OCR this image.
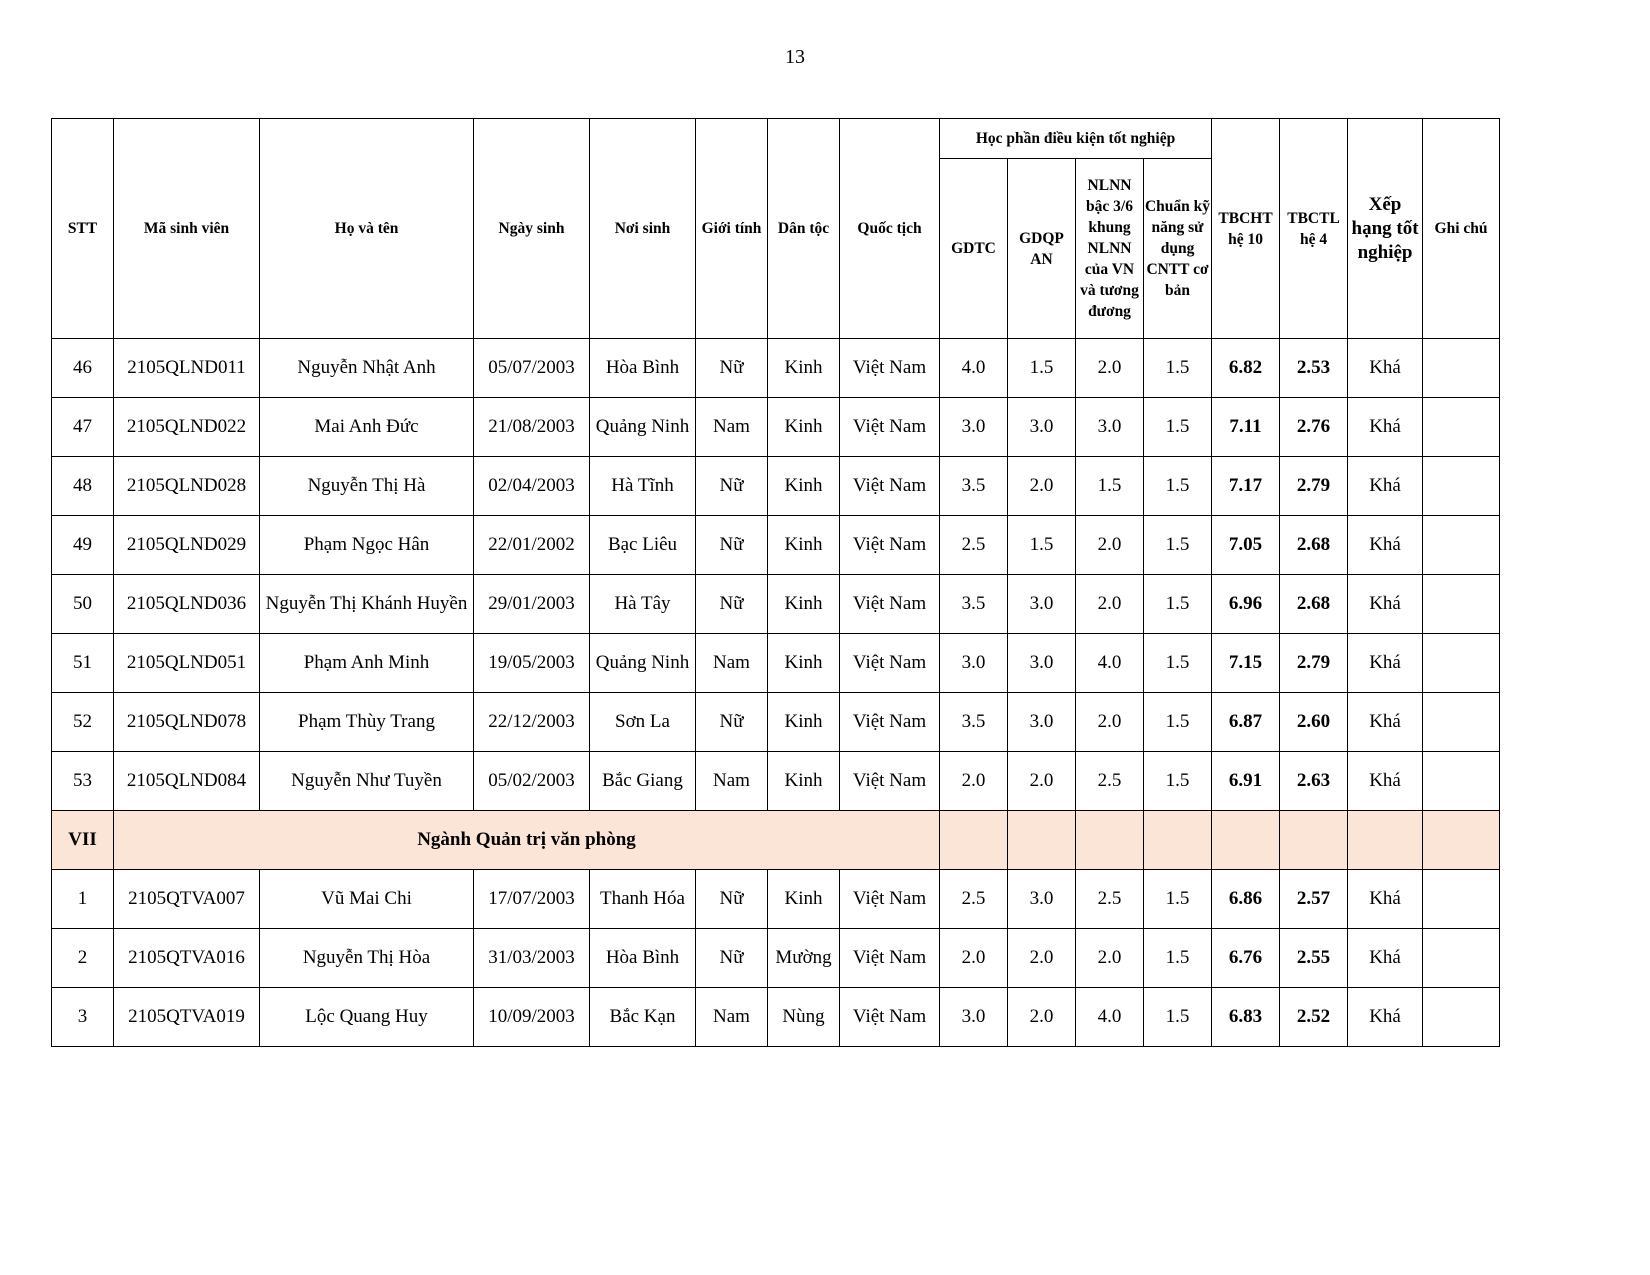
13
STT	Mã sinh viên	Họ và tên	Ngày sinh	Nơi sinh	Giới tính	Dân tộc	Quốc tịch	Học phần điều kiện tốt nghiệp				TBCHT hệ 10	TBCTL hệ 4	Xếp hạng tốt nghiệp	Ghi chú
								GDTC	GDQP AN	NLNN bậc 3/6 khung NLNN của VN và tương đương	Chuẩn kỹ năng sử dụng CNTT cơ bản				
46	2105QLND011	Nguyễn Nhật Anh	05/07/2003	Hòa Bình	Nữ	Kinh	Việt Nam	4.0	1.5	2.0	1.5	6.82	2.53	Khá	
47	2105QLND022	Mai Anh Đức	21/08/2003	Quảng Ninh	Nam	Kinh	Việt Nam	3.0	3.0	3.0	1.5	7.11	2.76	Khá	
48	2105QLND028	Nguyễn Thị Hà	02/04/2003	Hà Tĩnh	Nữ	Kinh	Việt Nam	3.5	2.0	1.5	1.5	7.17	2.79	Khá	
49	2105QLND029	Phạm Ngọc Hân	22/01/2002	Bạc Liêu	Nữ	Kinh	Việt Nam	2.5	1.5	2.0	1.5	7.05	2.68	Khá	
50	2105QLND036	Nguyễn Thị Khánh Huyền	29/01/2003	Hà Tây	Nữ	Kinh	Việt Nam	3.5	3.0	2.0	1.5	6.96	2.68	Khá	
51	2105QLND051	Phạm Anh Minh	19/05/2003	Quảng Ninh	Nam	Kinh	Việt Nam	3.0	3.0	4.0	1.5	7.15	2.79	Khá	
52	2105QLND078	Phạm Thùy Trang	22/12/2003	Sơn La	Nữ	Kinh	Việt Nam	3.5	3.0	2.0	1.5	6.87	2.60	Khá	
53	2105QLND084	Nguyễn Như Tuyền	05/02/2003	Bắc Giang	Nam	Kinh	Việt Nam	2.0	2.0	2.5	1.5	6.91	2.63	Khá	
VII	Ngành Quản trị văn phòng														
1	2105QTVA007	Vũ Mai Chi	17/07/2003	Thanh Hóa	Nữ	Kinh	Việt Nam	2.5	3.0	2.5	1.5	6.86	2.57	Khá	
2	2105QTVA016	Nguyễn Thị Hòa	31/03/2003	Hòa Bình	Nữ	Mường	Việt Nam	2.0	2.0	2.0	1.5	6.76	2.55	Khá	
3	2105QTVA019	Lộc Quang Huy	10/09/2003	Bắc Kạn	Nam	Nùng	Việt Nam	3.0	2.0	4.0	1.5	6.83	2.52	Khá	
